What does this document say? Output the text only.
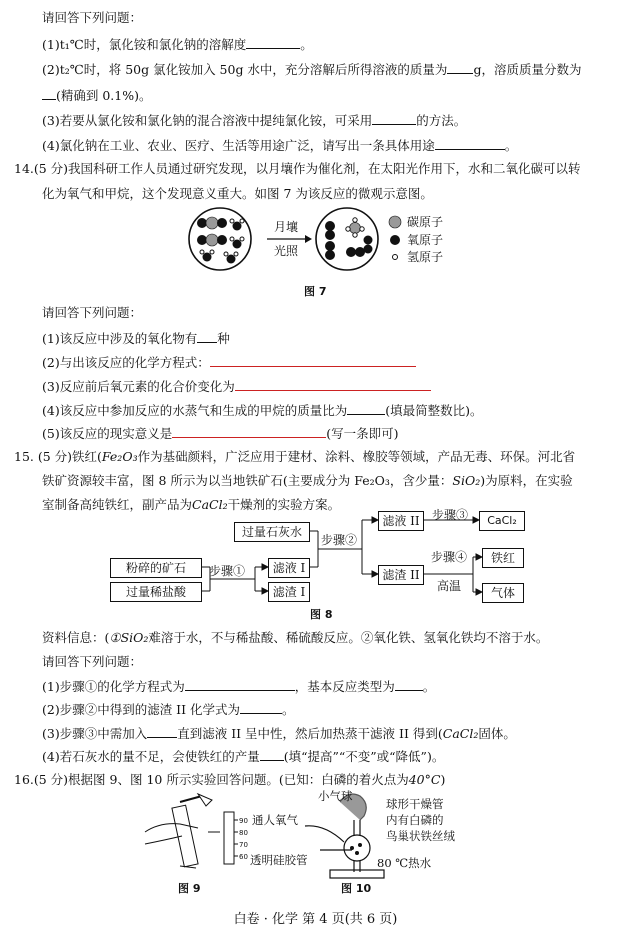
请回答下列问题：
(1)t₁℃时，氯化铵和氯化钠的溶解度	。
(2)t₂℃时，将 50g 氯化铵加入 50g 水中，充分溶解后所得溶液的质量为 g，溶质质量分数为
(精确到 0.1%)。
(3)若要从氯化铵和氯化钠的混合溶液中提纯氯化铵，可采用	的方法。
(4)氯化钠在工业、农业、医疗、生活等用途广泛，请写出一条具体用途	。
14.(5 分)我国科研工作人员通过研究发现，以月壤作为催化剂，在太阳光作用下，水和二氧化碳可以转
化为氧气和甲烷，这个发现意义重大。如图 7 为该反应的微观示意图。
月壤
光照
碳原子
氧原子
氢原子
图 7
请回答下列问题：
(1)该反应中涉及的氧化物有 种
(2)与出该反应的化学方程式：
(3)反应前后氧元素的化合价变化为
(4)该反应中参加反应的水蒸气和生成的甲烷的质量比为	(填最简整数比)。
(5)该反应的现实意义是	(写一条即可)
15. (5 分)铁红(Fe₂O₃作为基础颜料，广泛应用于建材、涂料、橡胶等领域，产品无毒、环保。河北省
铁矿资源较丰富，图 8 所示为以当地铁矿石(主要成分为 Fe₂O₃，含少量：SiO₂)为原料，在实验
室制备高纯铁红，副产品为CaCl₂干燥剂的实验方案。
过量石灰水
粉碎的矿石
过量稀盐酸
步骤①	滤液 I
滤渣 I
步骤②
滤液 II
滤渣 II
步骤③	CaCl₂
步骤④
高温
铁红
气体
图 8
资料信息：(①SiO₂难溶于水，不与稀盐酸、稀硫酸反应。②氧化铁、氢氧化铁均不溶于水。
请回答下列问题：
(1)步骤①的化学方程式为	，基本反应类型为 。
(2)步骤②中得到的滤渣 II 化学式为	。
(3)步骤③中需加入 直到滤液 II 呈中性，然后加热蒸干滤液 II 得到(CaCl₂固体。
(4)若石灰水的量不足，会使铁红的产量 (填“提高”“不变”或“降低”)。
16.(5 分)根据图 9、图 10 所示实验回答问题。(已知：白磷的着火点为40°C)
90
80
70
60
图 9
小气球
通人氧气
透明硅胶管
球形干燥管
内有白磷的
鸟巢状铁丝绒
80 ℃热水
图 10
白卷 · 化学 第 4 页(共 6 页)
